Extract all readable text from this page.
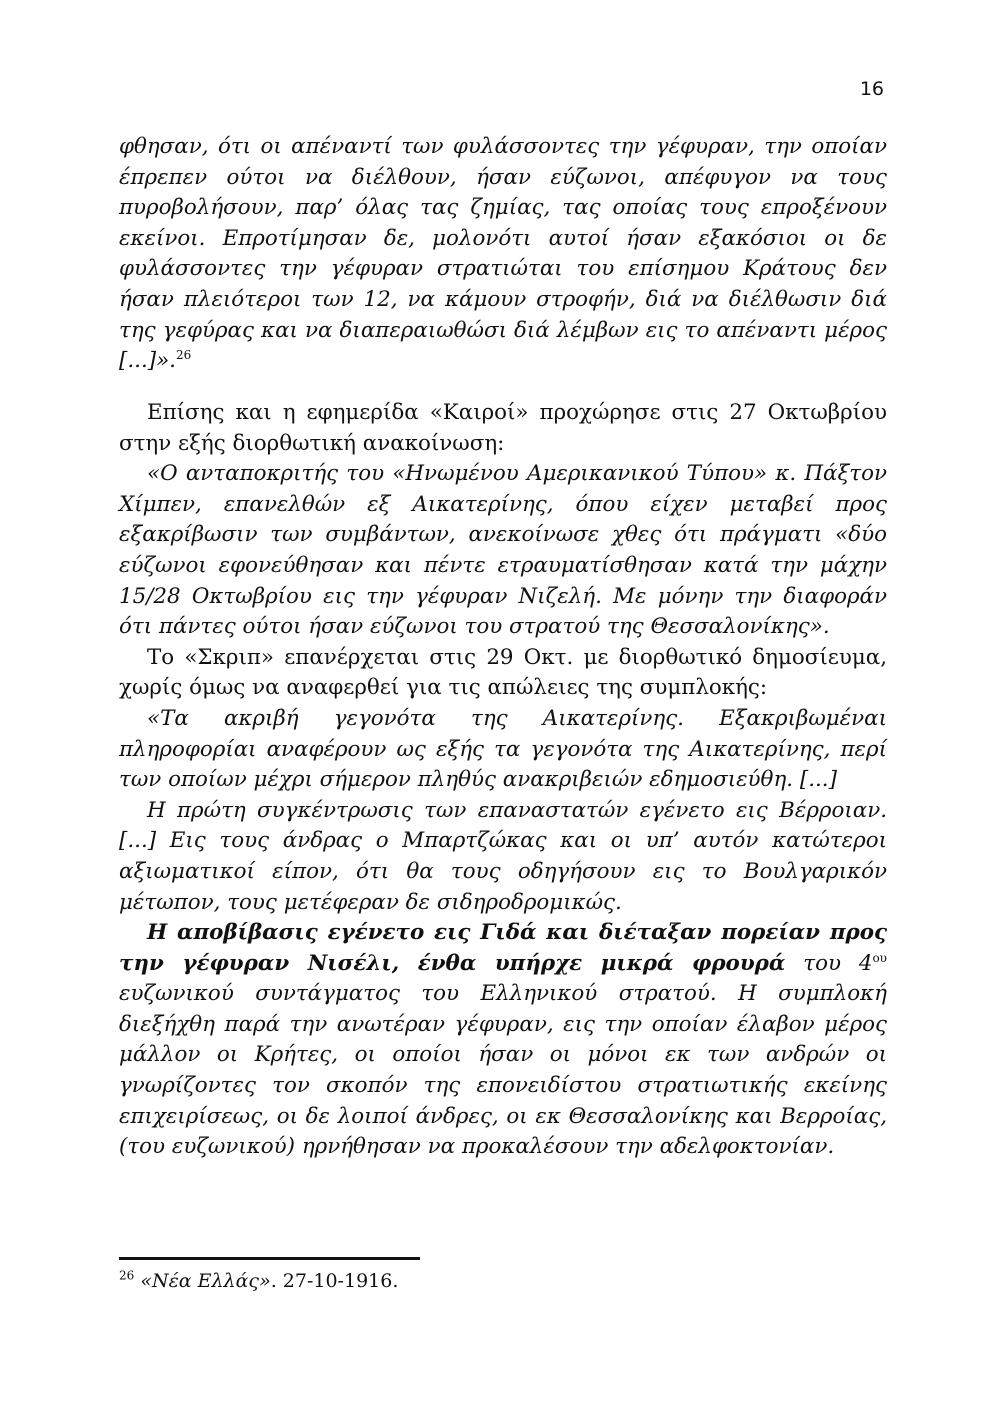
16

φθησαν, ότι οι απέναντί των φυλάσσοντες την γέφυραν, την οποίαν έπρεπεν ούτοι να διέλθουν, ήσαν εύζωνοι, απέφυγον να τους πυροβολήσουν, παρ’ όλας τας ζημίας, τας οποίας τους επροξένουν εκείνοι. Επροτίμησαν δε, μολονότι αυτοί ήσαν εξακόσιοι οι δε φυλάσσοντες την γέφυραν στρατιώται του επίσημου Κράτους δεν ήσαν πλειότεροι των 12, να κάμουν στροφήν, διά να διέλθωσιν διά της γεφύρας και να διαπεραιωθώσι διά λέμβων εις το απέναντι μέρος [...]».$^{26}$

Επίσης και η εφημερίδα «Καιροί» προχώρησε στις 27 Οκτωβρίου στην εξής διορθωτική ανακοίνωση:

«Ο ανταποκριτής του «Ηνωμένου Αμερικανικού Τύπου» κ. Πάξτον Χίμπεν, επανελθών εξ Αικατερίνης, όπου είχεν μεταβεί προς εξακρίβωσιν των συμβάντων, ανεκοίνωσε χθες ότι πράγματι «δύο εύζωνοι εφονεύθησαν και πέντε ετραυματίσθησαν κατά την μάχην 15/28 Οκτωβρίου εις την γέφυραν Νιζελή. Με μόνην την διαφοράν ότι πάντες ούτοι ήσαν εύζωνοι του στρατού της Θεσσαλονίκης».

Το «Σκριπ» επανέρχεται στις 29 Οκτ. με διορθωτικό δημοσίευμα, χωρίς όμως να αναφερθεί για τις απώλειες της συμπλοκής:

«Τα ακριβή γεγονότα της Αικατερίνης. Εξακριβωμέναι πληροφορίαι αναφέρουν ως εξής τα γεγονότα της Αικατερίνης, περί των οποίων μέχρι σήμερον πληθύς ανακριβειών εδημοσιεύθη. [...]

Η πρώτη συγκέντρωσις των επαναστατών εγένετο εις Βέρροιαν. [...] Εις τους άνδρας ο Μπαρτζώκας και οι υπ’ αυτόν κατώτεροι αξιωματικοί είπον, ότι θα τους οδηγήσουν εις το Βουλγαρικόν μέτωπον, τους μετέφεραν δε σιδηροδρομικώς.

Η αποβίβασις εγένετο εις Γιδά και διέταξαν πορείαν προς την γέφυραν Νισέλι, ένθα υπήρχε μικρά φρουρά του $4^{o\upsilon}$ ευζωνικού συντάγματος του Ελληνικού στρατού. Η συμπλοκή διεξήχθη παρά την ανωτέραν γέφυραν, εις την οποίαν έλαβον μέρος μάλλον οι Κρήτες, οι οποίοι ήσαν οι μόνοι εκ των ανδρών οι γνωρίζοντες τον σκοπόν της επονειδίστου στρατιωτικής εκείνης επιχειρίσεως, οι δε λοιποί άνδρες, οι εκ Θεσσαλονίκης και Βερροίας, (του ευζωνικού) ηρνήθησαν να προκαλέσουν την αδελφοκτονίαν.

$^{26}$ «Νέα Ελλάς». 27-10-1916.
